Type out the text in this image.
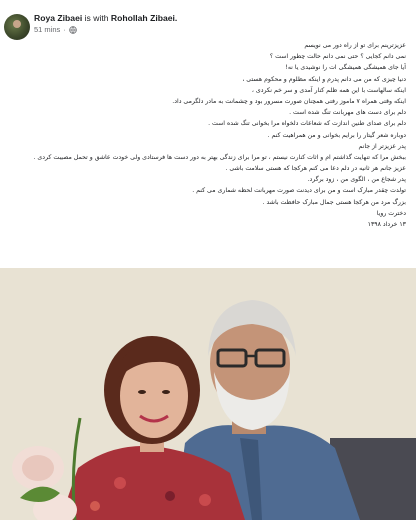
Roya Zibaei is with Rohollah Zibaei.
51 mins ·
عزیزترینم برای تو از راه دور می نویسم
نمی دانم کجایی ؟ حتی نمی دانم حالت چطور است ؟
آیا جای همیشگی همیشگی ات را نوشیدی یا نه!
دنیا چیزی که من می دانم پدرم و اینکه مظلوم و محکوم هستی ،
اینکه سالهاست با این همه ظلم کنار آمدی و سر خم نکردی ،
اینکه وقتی همراه ۷ ماموز رفتی همچنان صورت مسرور بود و چشمانت به مادر دلگرمی داد.
دلم برای دست های مهربانت تنگ شده است .
دلم برای صدای طنین اندازت که شعاعات دلخواه مرا بخوانی تنگ شده است .
دوباره شعر گیتار را برایم بخوانی و من همراهیت کنم .
پدر عزیزتر از جانم
ببخش مرا که تنهایت گذاشتم ام و اثات کنارت نیستم ، تو مرا برای زندگی بهتر به دور دست ها فرستادی ولی خودت عاشق و تحمل مصیبت کردی .
عزیز جانم هر ثانیه در دلم دعا می کنم هرکجا که هستی سلامت باشی .
پدر شجاع من ، الگوی من ، زود برگرد.
تولدت چقدر مبارک است و من برای دیدنت صورت مهربانت لحظه شماری می کنم .
بزرگ مرد من هرکجا هستی جمال مبارک حافظت باشد .
دخترت رویا
۱۳ خرداد ۱۳۹۸
